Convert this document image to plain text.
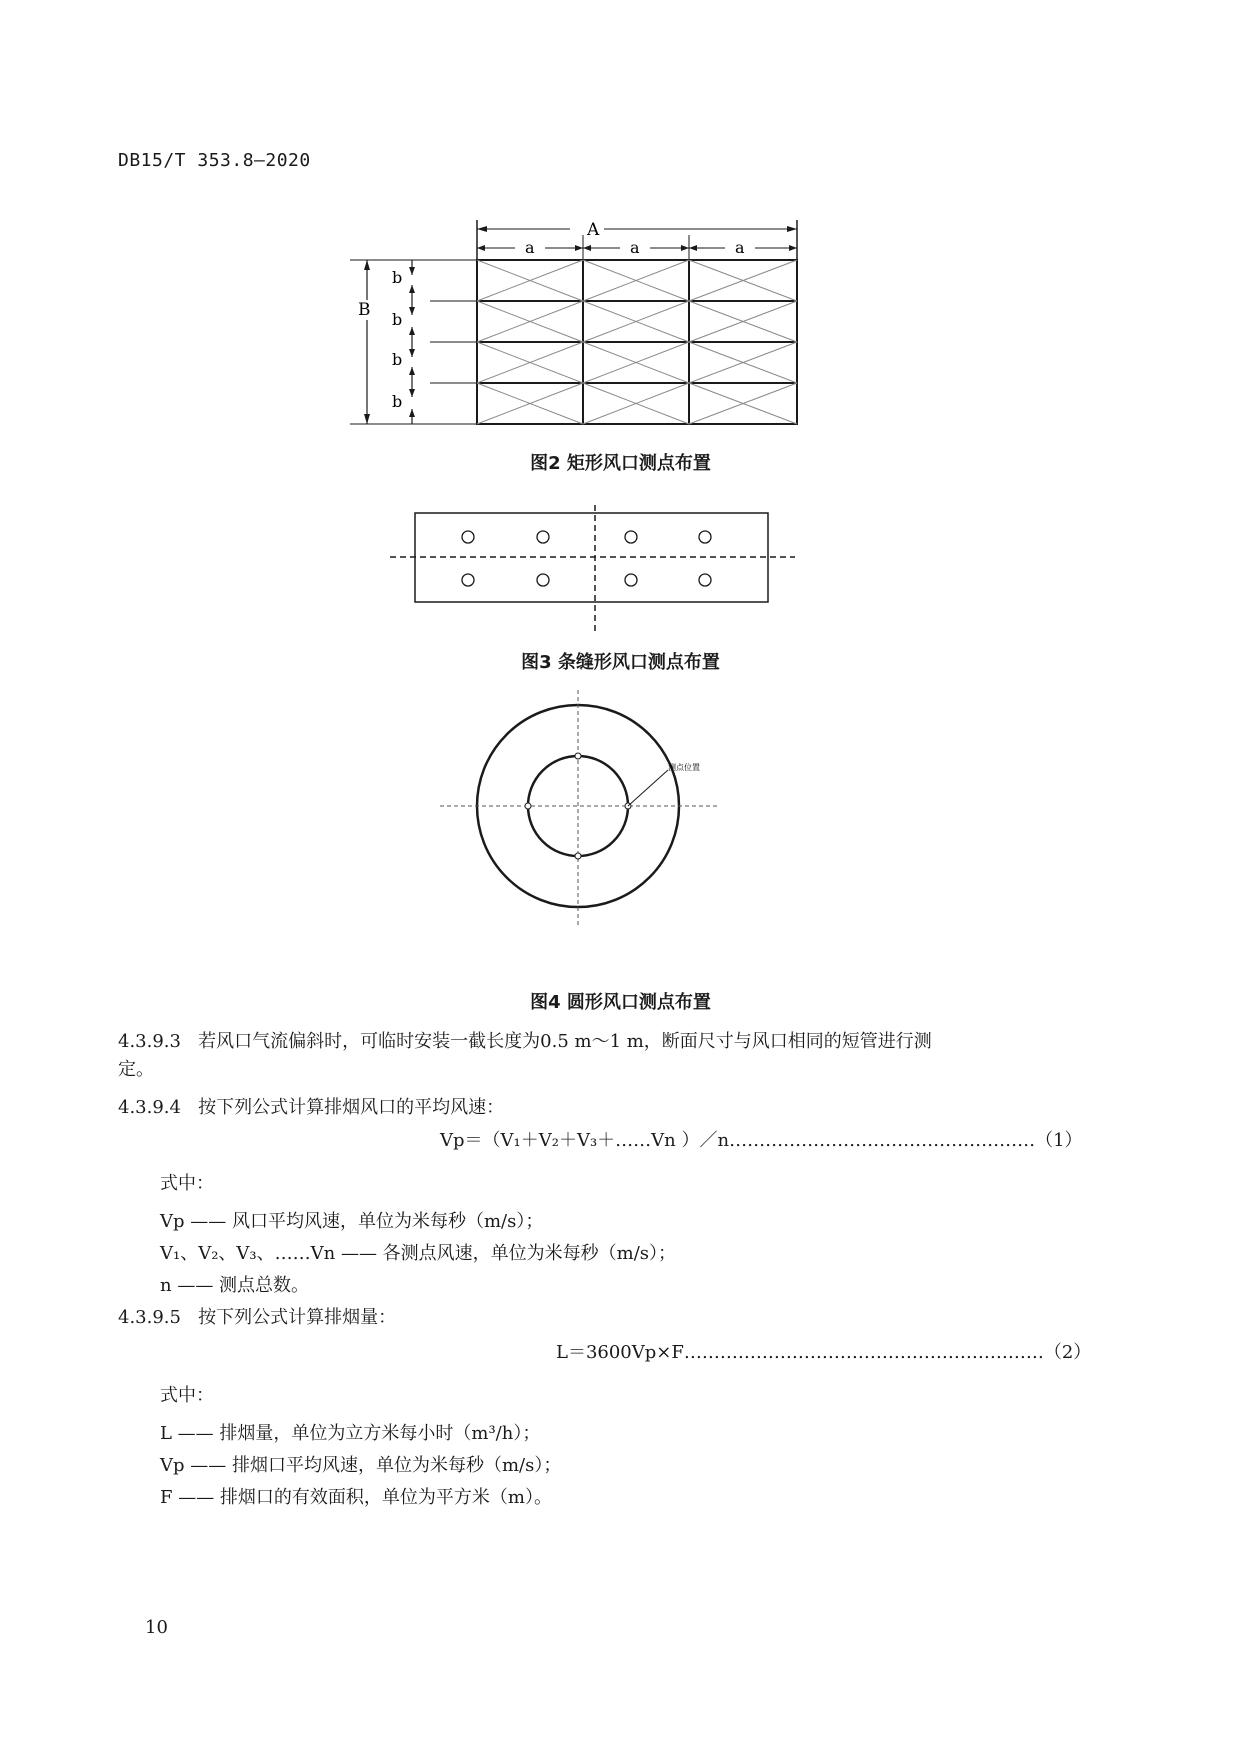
DB15/T 353.8—2020
A
a	a	a
B
b
b
b
b
图2 矩形风口测点布置
图3 条缝形风口测点布置
测点位置
图4 圆形风口测点布置
4.3.9.3 若风口气流偏斜时，可临时安装一截长度为0.5 m～1 m，断面尺寸与风口相同的短管进行测
定。
4.3.9.4 按下列公式计算排烟风口的平均风速：
Vp＝（V₁＋V₂＋V₃＋……Vn ）／n……………………………………………（1）
式中：
Vp —— 风口平均风速，单位为米每秒（m/s）；
V₁、V₂、V₃、……Vn —— 各测点风速，单位为米每秒（m/s）；
n —— 测点总数。
4.3.9.5 按下列公式计算排烟量：
L＝3600Vp×F……………………………………………………（2）
式中：
L —— 排烟量，单位为立方米每小时（m³/h）；
Vp —— 排烟口平均风速，单位为米每秒（m/s）；
F —— 排烟口的有效面积，单位为平方米（m）。
10
